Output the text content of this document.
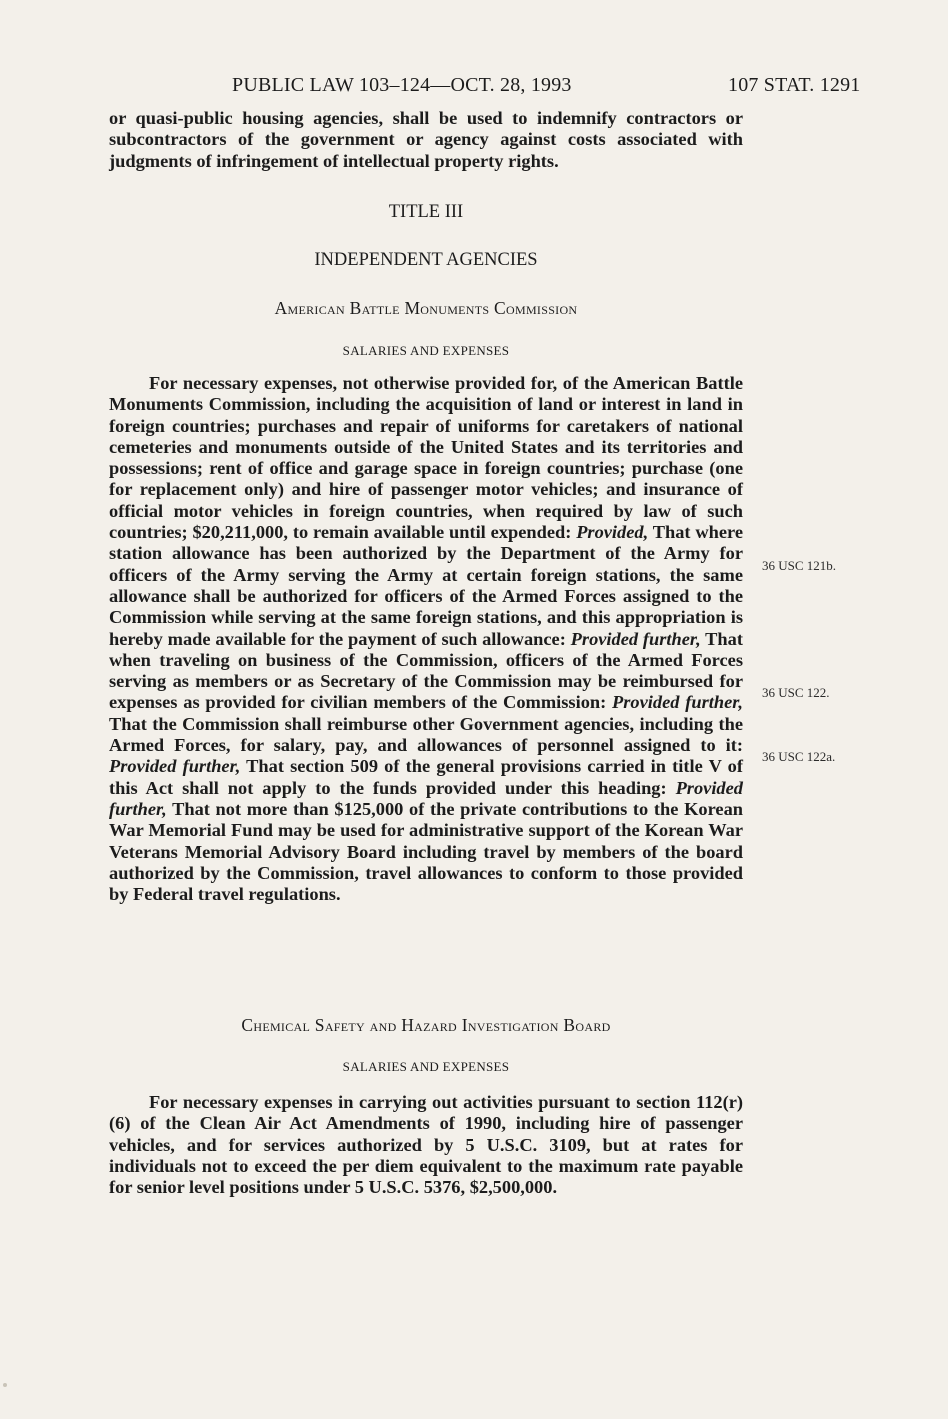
PUBLIC LAW 103–124—OCT. 28, 1993	107 STAT. 1291

or quasi-public housing agencies, shall be used to indemnify contractors or subcontractors of the government or agency against costs associated with judgments of infringement of intellectual property rights.

TITLE III
INDEPENDENT AGENCIES
American Battle Monuments Commission
SALARIES AND EXPENSES

For necessary expenses, not otherwise provided for, of the American Battle Monuments Commission, including the acquisition of land or interest in land in foreign countries; purchases and repair of uniforms for caretakers of national cemeteries and monuments outside of the United States and its territories and possessions; rent of office and garage space in foreign countries; purchase (one for replacement only) and hire of passenger motor vehicles; and insurance of official motor vehicles in foreign countries, when required by law of such countries; $20,211,000, to remain available until expended: Provided, That where station allowance has been authorized by the Department of the Army for officers of the Army serving the Army at certain foreign stations, the same allowance shall be authorized for officers of the Armed Forces assigned to the Commission while serving at the same foreign stations, and this appropriation is hereby made available for the payment of such allowance: Provided further, That when traveling on business of the Commission, officers of the Armed Forces serving as members or as Secretary of the Commission may be reimbursed for expenses as provided for civilian members of the Commission: Provided further, That the Commission shall reimburse other Government agencies, including the Armed Forces, for salary, pay, and allowances of personnel assigned to it: Provided further, That section 509 of the general provisions carried in title V of this Act shall not apply to the funds provided under this heading: Provided further, That not more than $125,000 of the private contributions to the Korean War Memorial Fund may be used for administrative support of the Korean War Veterans Memorial Advisory Board including travel by members of the board authorized by the Commission, travel allowances to conform to those provided by Federal travel regulations.

36 USC 121b.
36 USC 122.
36 USC 122a.
Chemical Safety and Hazard Investigation Board
SALARIES AND EXPENSES

For necessary expenses in carrying out activities pursuant to section 112(r)(6) of the Clean Air Act Amendments of 1990, including hire of passenger vehicles, and for services authorized by 5 U.S.C. 3109, but at rates for individuals not to exceed the per diem equivalent to the maximum rate payable for senior level positions under 5 U.S.C. 5376, $2,500,000.
